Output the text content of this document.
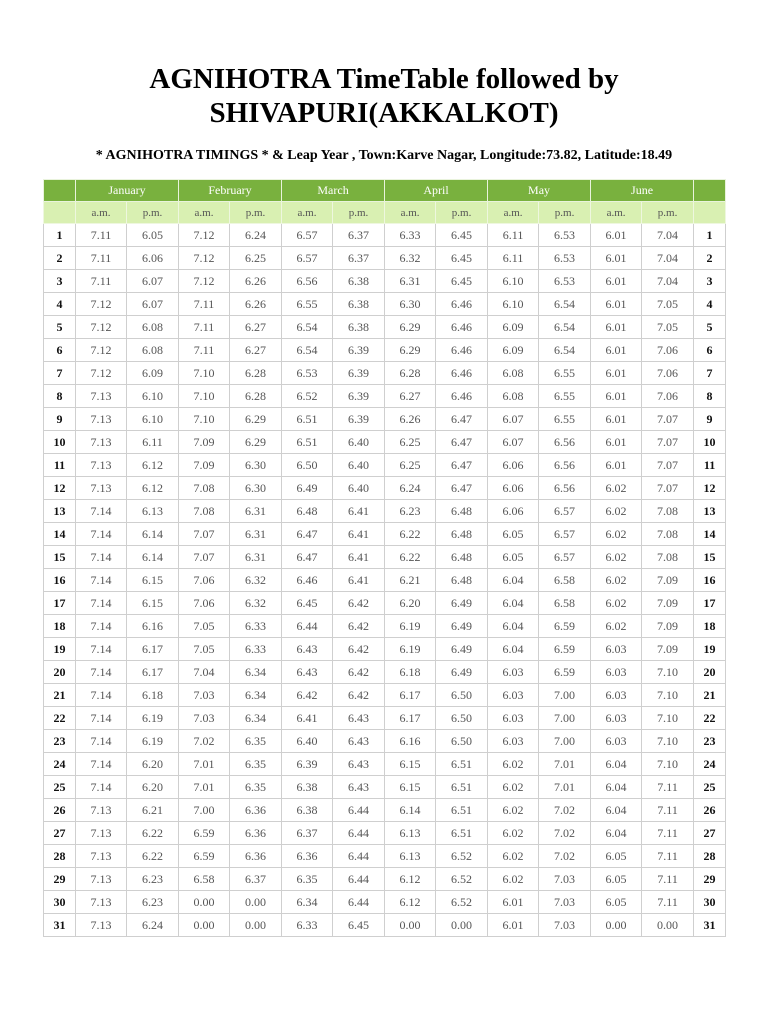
AGNIHOTRA TimeTable followed by
SHIVAPURI(AKKALKOT)
* AGNIHOTRA TIMINGS * & Leap Year , Town:Karve Nagar, Longitude:73.82, Latitude:18.49
	January		February		March		April		May		June		
	a.m.	p.m.	a.m.	p.m.	a.m.	p.m.	a.m.	p.m.	a.m.	p.m.	a.m.	p.m.	
1	7.11	6.05	7.12	6.24	6.57	6.37	6.33	6.45	6.11	6.53	6.01	7.04	1
2	7.11	6.06	7.12	6.25	6.57	6.37	6.32	6.45	6.11	6.53	6.01	7.04	2
3	7.11	6.07	7.12	6.26	6.56	6.38	6.31	6.45	6.10	6.53	6.01	7.04	3
4	7.12	6.07	7.11	6.26	6.55	6.38	6.30	6.46	6.10	6.54	6.01	7.05	4
5	7.12	6.08	7.11	6.27	6.54	6.38	6.29	6.46	6.09	6.54	6.01	7.05	5
6	7.12	6.08	7.11	6.27	6.54	6.39	6.29	6.46	6.09	6.54	6.01	7.06	6
7	7.12	6.09	7.10	6.28	6.53	6.39	6.28	6.46	6.08	6.55	6.01	7.06	7
8	7.13	6.10	7.10	6.28	6.52	6.39	6.27	6.46	6.08	6.55	6.01	7.06	8
9	7.13	6.10	7.10	6.29	6.51	6.39	6.26	6.47	6.07	6.55	6.01	7.07	9
10	7.13	6.11	7.09	6.29	6.51	6.40	6.25	6.47	6.07	6.56	6.01	7.07	10
11	7.13	6.12	7.09	6.30	6.50	6.40	6.25	6.47	6.06	6.56	6.01	7.07	11
12	7.13	6.12	7.08	6.30	6.49	6.40	6.24	6.47	6.06	6.56	6.02	7.07	12
13	7.14	6.13	7.08	6.31	6.48	6.41	6.23	6.48	6.06	6.57	6.02	7.08	13
14	7.14	6.14	7.07	6.31	6.47	6.41	6.22	6.48	6.05	6.57	6.02	7.08	14
15	7.14	6.14	7.07	6.31	6.47	6.41	6.22	6.48	6.05	6.57	6.02	7.08	15
16	7.14	6.15	7.06	6.32	6.46	6.41	6.21	6.48	6.04	6.58	6.02	7.09	16
17	7.14	6.15	7.06	6.32	6.45	6.42	6.20	6.49	6.04	6.58	6.02	7.09	17
18	7.14	6.16	7.05	6.33	6.44	6.42	6.19	6.49	6.04	6.59	6.02	7.09	18
19	7.14	6.17	7.05	6.33	6.43	6.42	6.19	6.49	6.04	6.59	6.03	7.09	19
20	7.14	6.17	7.04	6.34	6.43	6.42	6.18	6.49	6.03	6.59	6.03	7.10	20
21	7.14	6.18	7.03	6.34	6.42	6.42	6.17	6.50	6.03	7.00	6.03	7.10	21
22	7.14	6.19	7.03	6.34	6.41	6.43	6.17	6.50	6.03	7.00	6.03	7.10	22
23	7.14	6.19	7.02	6.35	6.40	6.43	6.16	6.50	6.03	7.00	6.03	7.10	23
24	7.14	6.20	7.01	6.35	6.39	6.43	6.15	6.51	6.02	7.01	6.04	7.10	24
25	7.14	6.20	7.01	6.35	6.38	6.43	6.15	6.51	6.02	7.01	6.04	7.11	25
26	7.13	6.21	7.00	6.36	6.38	6.44	6.14	6.51	6.02	7.02	6.04	7.11	26
27	7.13	6.22	6.59	6.36	6.37	6.44	6.13	6.51	6.02	7.02	6.04	7.11	27
28	7.13	6.22	6.59	6.36	6.36	6.44	6.13	6.52	6.02	7.02	6.05	7.11	28
29	7.13	6.23	6.58	6.37	6.35	6.44	6.12	6.52	6.02	7.03	6.05	7.11	29
30	7.13	6.23	0.00	0.00	6.34	6.44	6.12	6.52	6.01	7.03	6.05	7.11	30
31	7.13	6.24	0.00	0.00	6.33	6.45	0.00	0.00	6.01	7.03	0.00	0.00	31
